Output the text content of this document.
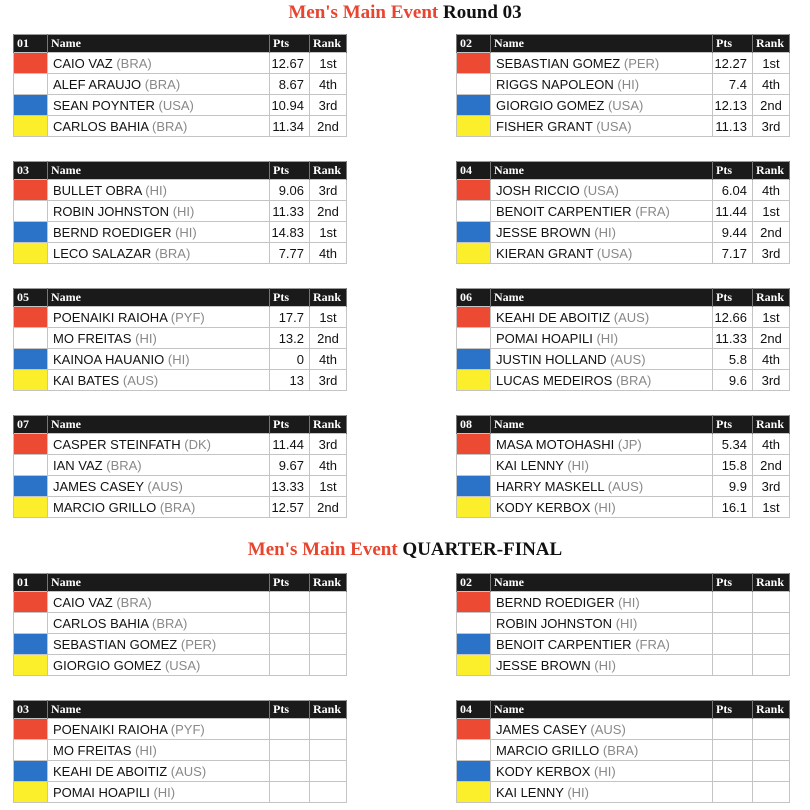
Men's Main Event Round 03
Men's Main Event QUARTER-FINAL
01	Name	Pts	Rank
	CAIO VAZ (BRA)	12.67	1st
	ALEF ARAUJO (BRA)	8.67	4th
	SEAN POYNTER (USA)	10.94	3rd
	CARLOS BAHIA (BRA)	11.34	2nd
02	Name	Pts	Rank
	SEBASTIAN GOMEZ (PER)	12.27	1st
	RIGGS NAPOLEON (HI)	7.4	4th
	GIORGIO GOMEZ (USA)	12.13	2nd
	FISHER GRANT (USA)	11.13	3rd
03	Name	Pts	Rank
	BULLET OBRA (HI)	9.06	3rd
	ROBIN JOHNSTON (HI)	11.33	2nd
	BERND ROEDIGER (HI)	14.83	1st
	LECO SALAZAR (BRA)	7.77	4th
04	Name	Pts	Rank
	JOSH RICCIO (USA)	6.04	4th
	BENOIT CARPENTIER (FRA)	11.44	1st
	JESSE BROWN (HI)	9.44	2nd
	KIERAN GRANT (USA)	7.17	3rd
05	Name	Pts	Rank
	POENAIKI RAIOHA (PYF)	17.7	1st
	MO FREITAS (HI)	13.2	2nd
	KAINOA HAUANIO (HI)	0	4th
	KAI BATES (AUS)	13	3rd
06	Name	Pts	Rank
	KEAHI DE ABOITIZ (AUS)	12.66	1st
	POMAI HOAPILI (HI)	11.33	2nd
	JUSTIN HOLLAND (AUS)	5.8	4th
	LUCAS MEDEIROS (BRA)	9.6	3rd
07	Name	Pts	Rank
	CASPER STEINFATH (DK)	11.44	3rd
	IAN VAZ (BRA)	9.67	4th
	JAMES CASEY (AUS)	13.33	1st
	MARCIO GRILLO (BRA)	12.57	2nd
08	Name	Pts	Rank
	MASA MOTOHASHI (JP)	5.34	4th
	KAI LENNY (HI)	15.8	2nd
	HARRY MASKELL (AUS)	9.9	3rd
	KODY KERBOX (HI)	16.1	1st
01	Name	Pts	Rank
	CAIO VAZ (BRA)		
	CARLOS BAHIA (BRA)		
	SEBASTIAN GOMEZ (PER)		
	GIORGIO GOMEZ (USA)		
02	Name	Pts	Rank
	BERND ROEDIGER (HI)		
	ROBIN JOHNSTON (HI)		
	BENOIT CARPENTIER (FRA)		
	JESSE BROWN (HI)		
03	Name	Pts	Rank
	POENAIKI RAIOHA (PYF)		
	MO FREITAS (HI)		
	KEAHI DE ABOITIZ (AUS)		
	POMAI HOAPILI (HI)		
04	Name	Pts	Rank
	JAMES CASEY (AUS)		
	MARCIO GRILLO (BRA)		
	KODY KERBOX (HI)		
	KAI LENNY (HI)		
